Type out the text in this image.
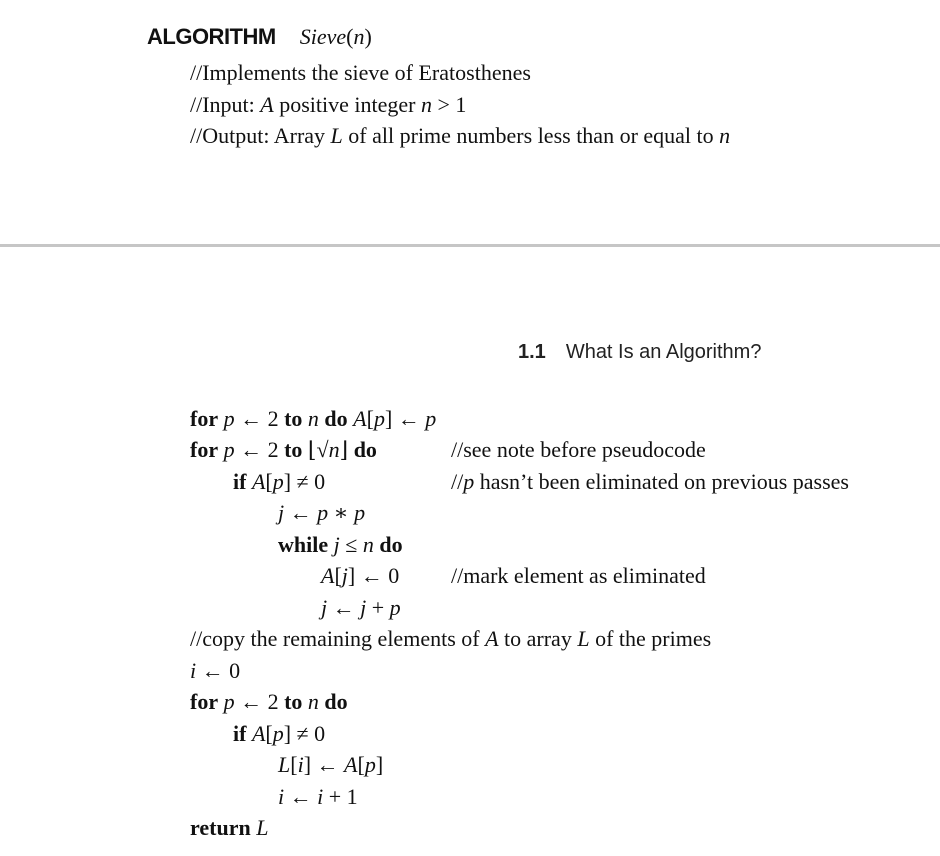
ALGORITHM Sieve(n)
//Implements the sieve of Eratosthenes
//Input: A positive integer n > 1
//Output: Array L of all prime numbers less than or equal to n
1.1 What Is an Algorithm?
for p ← 2 to n do A[p] ← p
for p ← 2 to ⌊√n⌋ do	//see note before pseudocode
if A[p] ≠ 0	//p hasn’t been eliminated on previous passes
j ← p ∗ p
while j ≤ n do
A[j] ← 0 //mark element as eliminated
j ← j + p
//copy the remaining elements of A to array L of the primes
i ← 0
for p ← 2 to n do
if A[p] ≠ 0
L[i] ← A[p]
i ← i + 1
return L
